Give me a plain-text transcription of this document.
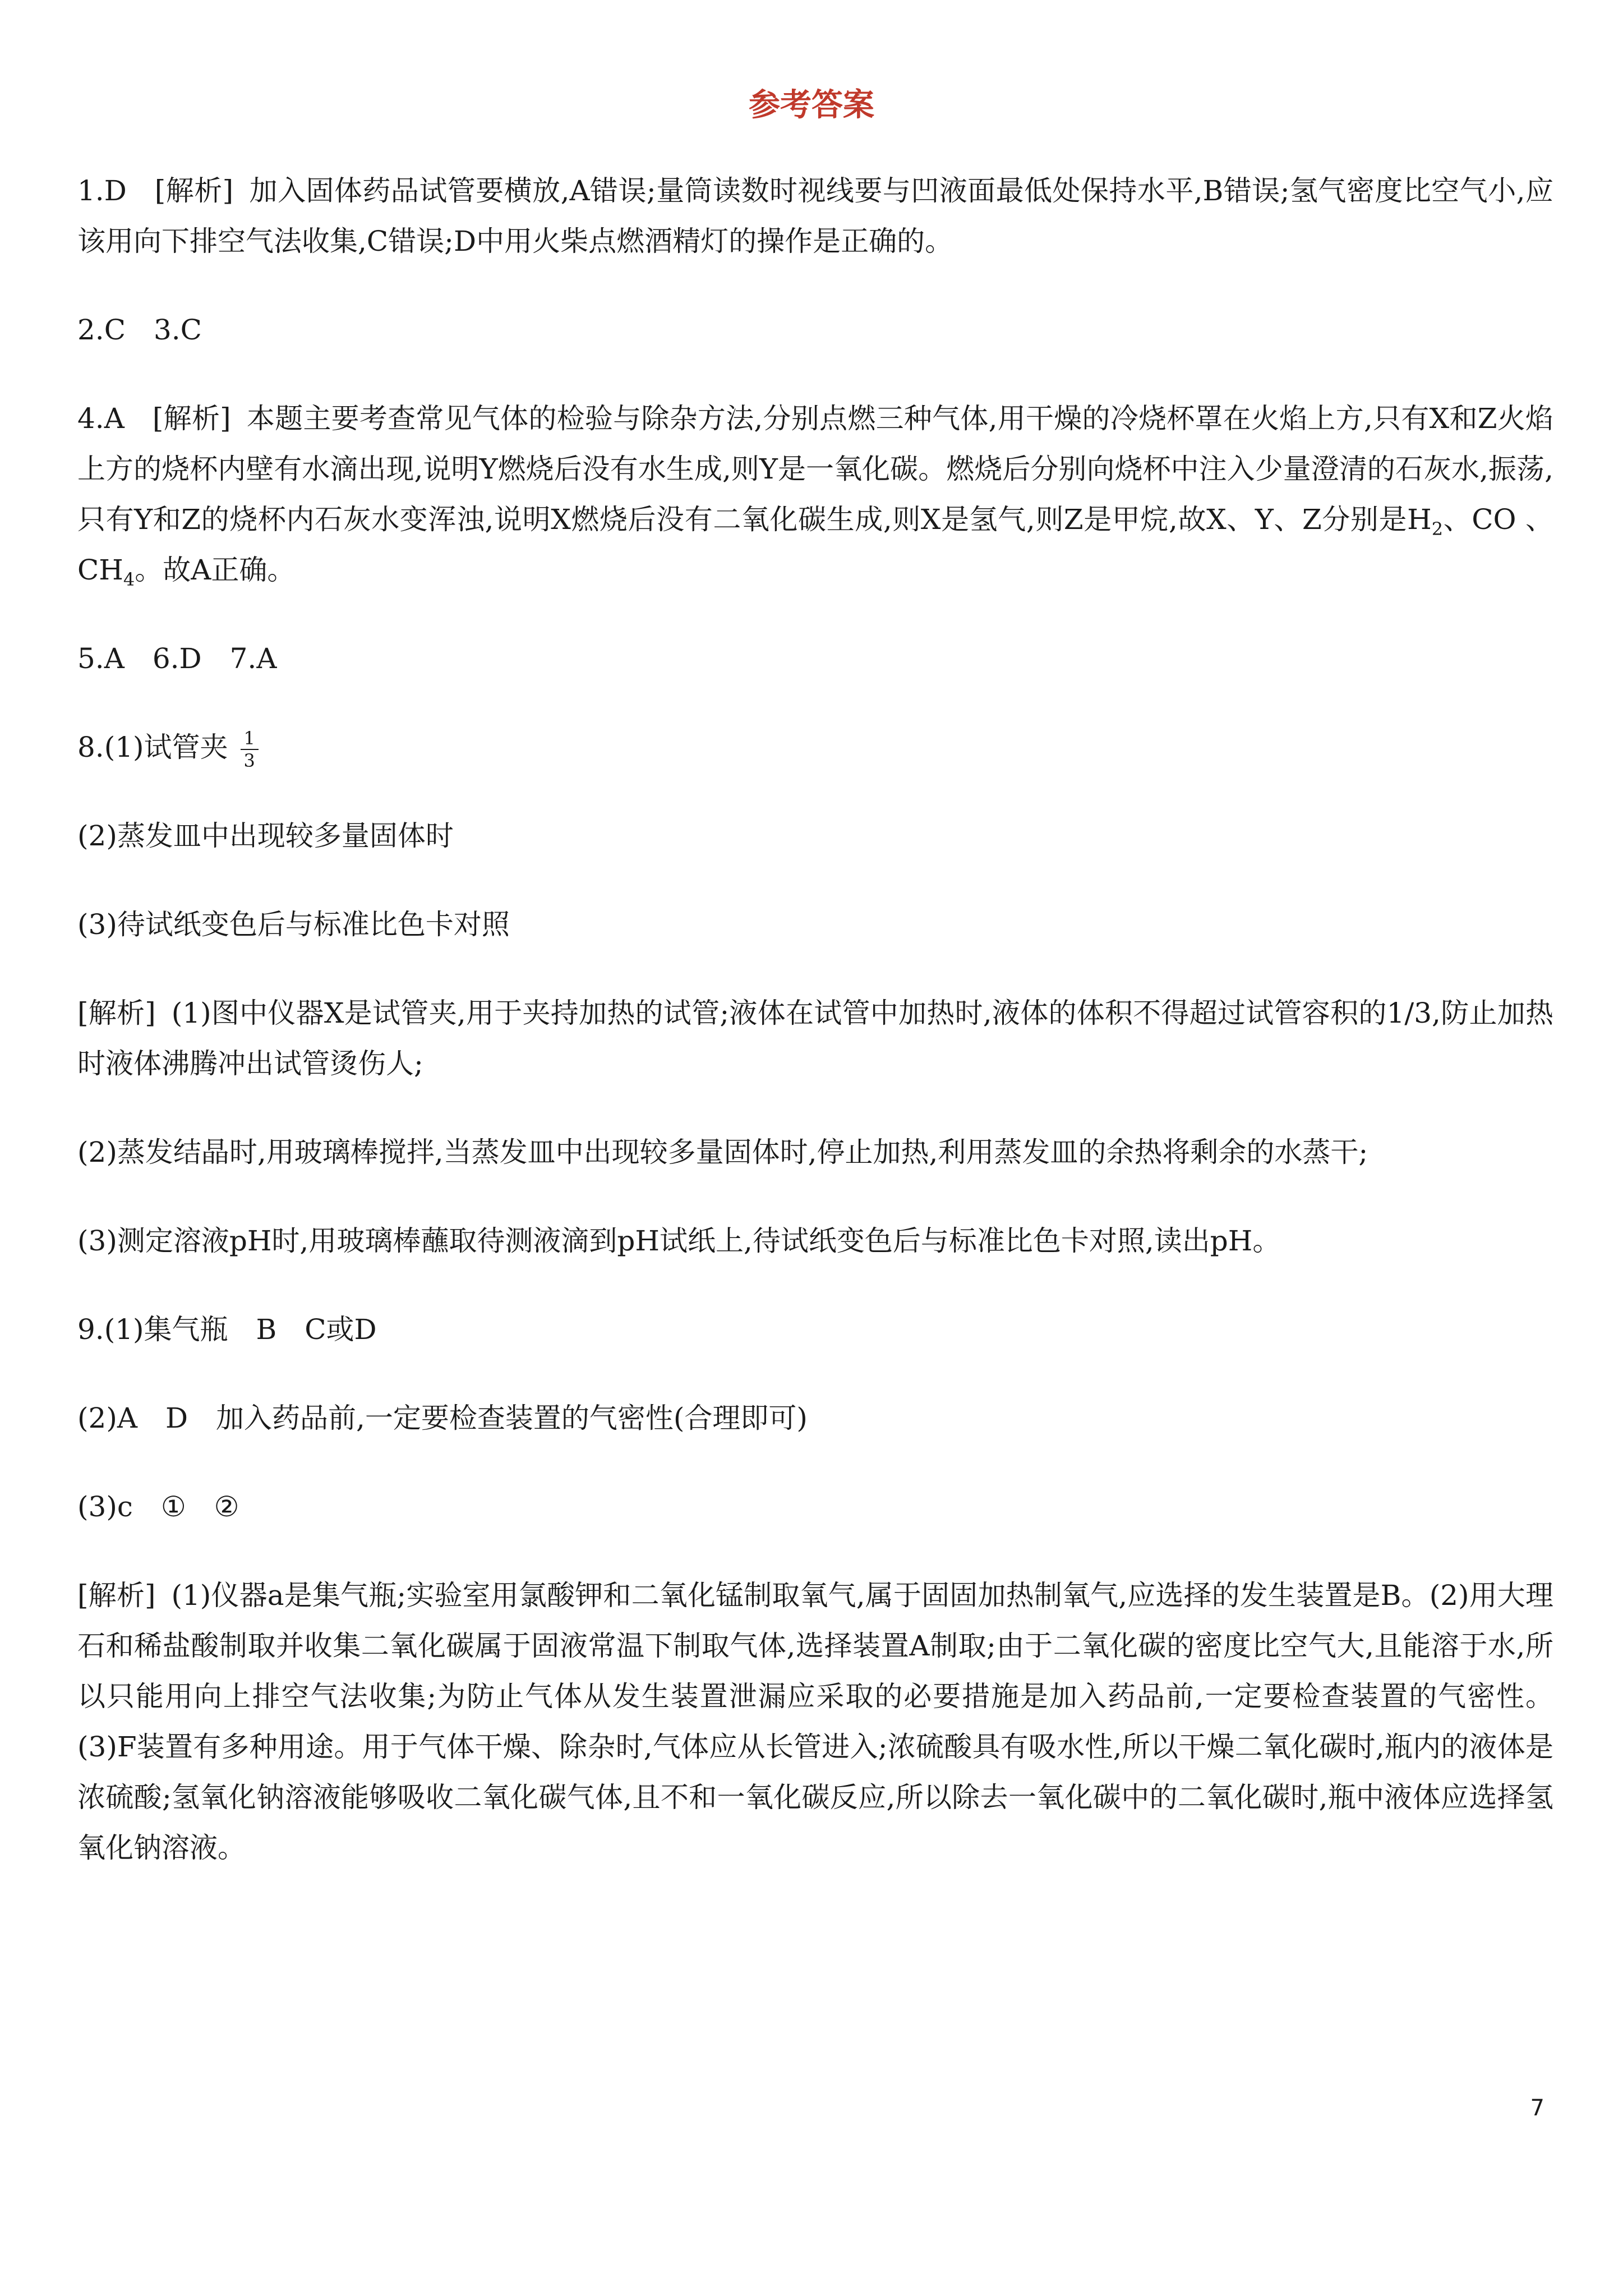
参考答案

1.D [解析] 加入固体药品试管要横放,A错误;量筒读数时视线要与凹液面最低处保持水平,B错误;氢气密度比空气小,应该用向下排空气法收集,C错误;D中用火柴点燃酒精灯的操作是正确的。

2.C 3.C

4.A [解析] 本题主要考查常见气体的检验与除杂方法,分别点燃三种气体,用干燥的冷烧杯罩在火焰上方,只有X和Z火焰上方的烧杯内壁有水滴出现,说明Y燃烧后没有水生成,则Y是一氧化碳。燃烧后分别向烧杯中注入少量澄清的石灰水,振荡,只有Y和Z的烧杯内石灰水变浑浊,说明X燃烧后没有二氧化碳生成,则X是氢气,则Z是甲烷,故X、Y、Z分别是$H_2$、CO 、$CH_4$。故A正确。

5.A 6.D 7.A

8.(1)试管夹 $\frac{1}{3}$

(2)蒸发皿中出现较多量固体时

(3)待试纸变色后与标准比色卡对照

[解析] (1)图中仪器X是试管夹,用于夹持加热的试管;液体在试管中加热时,液体的体积不得超过试管容积的1/3,防止加热时液体沸腾冲出试管烫伤人;

(2)蒸发结晶时,用玻璃棒搅拌,当蒸发皿中出现较多量固体时,停止加热,利用蒸发皿的余热将剩余的水蒸干;

(3)测定溶液pH时,用玻璃棒蘸取待测液滴到pH试纸上,待试纸变色后与标准比色卡对照,读出pH。

9.(1)集气瓶 B C或D

(2)A D 加入药品前,一定要检查装置的气密性(合理即可)

(3)c ① ②

[解析] (1)仪器a是集气瓶;实验室用氯酸钾和二氧化锰制取氧气,属于固固加热制氧气,应选择的发生装置是B。(2)用大理石和稀盐酸制取并收集二氧化碳属于固液常温下制取气体,选择装置A制取;由于二氧化碳的密度比空气大,且能溶于水,所以只能用向上排空气法收集;为防止气体从发生装置泄漏应采取的必要措施是加入药品前,一定要检查装置的气密性。(3)F装置有多种用途。用于气体干燥、除杂时,气体应从长管进入;浓硫酸具有吸水性,所以干燥二氧化碳时,瓶内的液体是浓硫酸;氢氧化钠溶液能够吸收二氧化碳气体,且不和一氧化碳反应,所以除去一氧化碳中的二氧化碳时,瓶中液体应选择氢氧化钠溶液。

7
